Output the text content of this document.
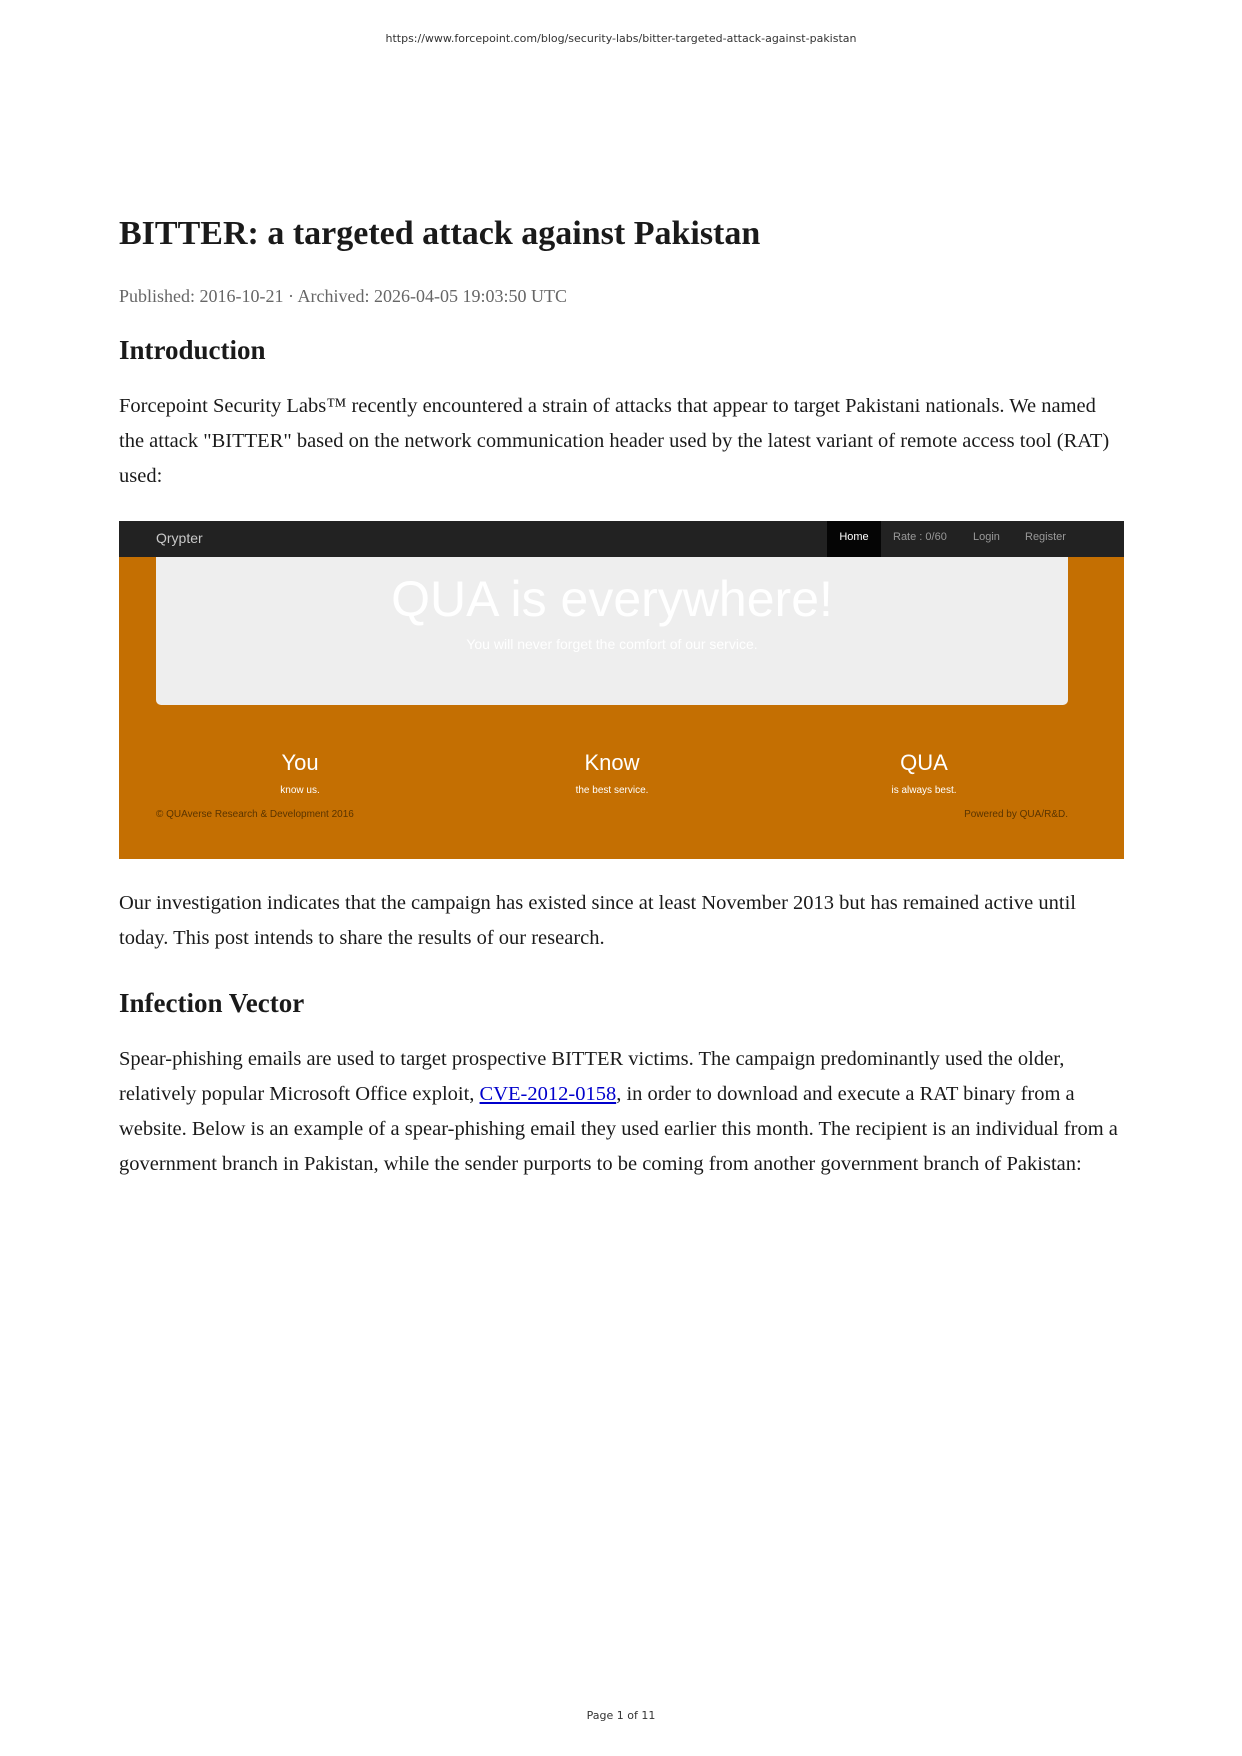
https://www.forcepoint.com/blog/security-labs/bitter-targeted-attack-against-pakistan
BITTER: a targeted attack against Pakistan
Published: 2016-10-21 · Archived: 2026-04-05 19:03:50 UTC
Introduction

Forcepoint Security Labs™ recently encountered a strain of attacks that appear to target Pakistani nationals. We named the attack "BITTER" based on the network communication header used by the latest variant of remote access tool (RAT) used:

Qrypter	Home	Rate : 0/60 Login Register
QUA is everywhere!
You will never forget the comfort of our service.
You
know us.
Know
the best service.
QUA
is always best.
© QUAverse Research & Development 2016	Powered by QUA/R&D.

Our investigation indicates that the campaign has existed since at least November 2013 but has remained active until today. This post intends to share the results of our research.

Infection Vector

Spear-phishing emails are used to target prospective BITTER victims. The campaign predominantly used the older, relatively popular Microsoft Office exploit, CVE-2012-0158, in order to download and execute a RAT binary from a website. Below is an example of a spear-phishing email they used earlier this month. The recipient is an individual from a government branch in Pakistan, while the sender purports to be coming from another government branch of Pakistan:

Page 1 of 11
